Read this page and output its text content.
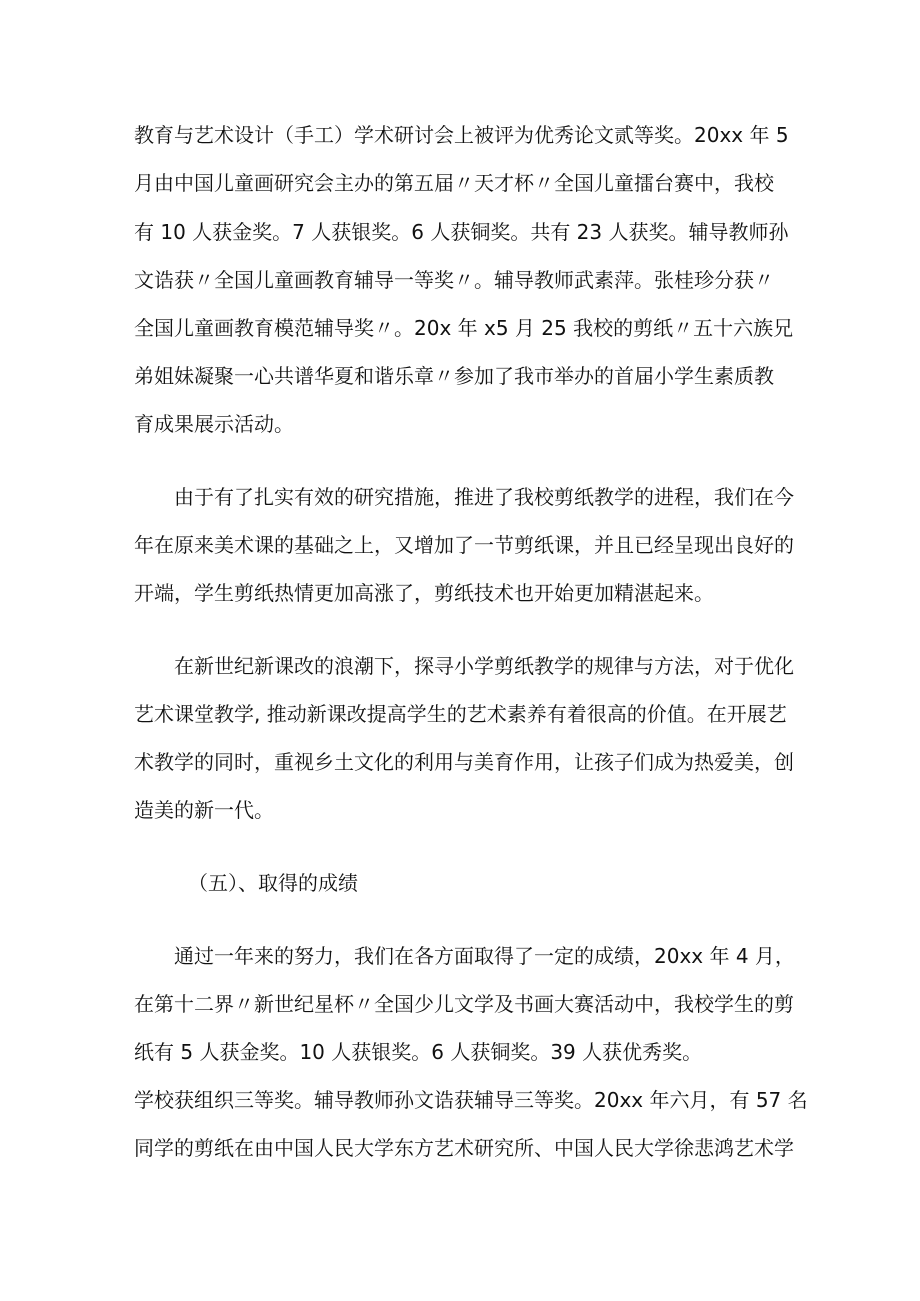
教育与艺术设计（手工）学术研讨会上被评为优秀论文贰等奖。20xx 年 5
月由中国儿童画研究会主办的第五届〃天才杯〃全国儿童擂台赛中，我校
有 10 人获金奖。7 人获银奖。6 人获铜奖。共有 23 人获奖。辅导教师孙
文诰获〃全国儿童画教育辅导一等奖〃。辅导教师武素萍。张桂珍分获〃
全国儿童画教育模范辅导奖〃。20x 年 x5 月 25 我校的剪纸〃五十六族兄
弟姐妹凝聚一心共谱华夏和谐乐章〃参加了我市举办的首届小学生素质教
育成果展示活动。
由于有了扎实有效的研究措施，推进了我校剪纸教学的进程，我们在今
年在原来美术课的基础之上，又增加了一节剪纸课，并且已经呈现出良好的
开端，学生剪纸热情更加高涨了，剪纸技术也开始更加精湛起来。
在新世纪新课改的浪潮下，探寻小学剪纸教学的规律与方法，对于优化
艺术课堂教学, 推动新课改提高学生的艺术素养有着很高的价值。在开展艺
术教学的同时，重视乡土文化的利用与美育作用，让孩子们成为热爱美，创
造美的新一代。
（五）、取得的成绩
通过一年来的努力，我们在各方面取得了一定的成绩，20xx 年 4 月，
在第十二界〃新世纪星杯〃全国少儿文学及书画大赛活动中，我校学生的剪
纸有 5 人获金奖。10 人获银奖。6 人获铜奖。39 人获优秀奖。
学校获组织三等奖。辅导教师孙文诰获辅导三等奖。20xx 年六月，有 57 名
同学的剪纸在由中国人民大学东方艺术研究所、中国人民大学徐悲鸿艺术学
